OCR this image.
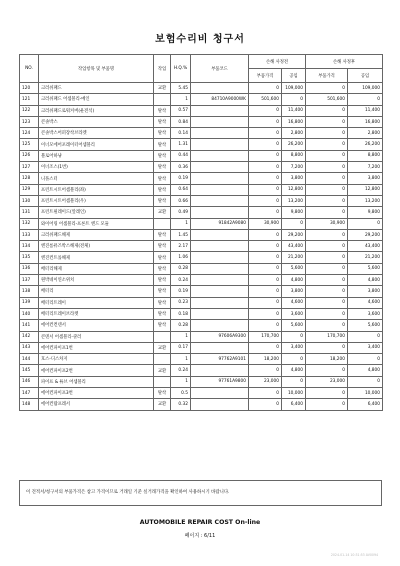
보험수리비 청구서
NO.	작업항목 및 부품명	작업	H.Q.%	부품코드	손해 사정전		손해 사정후	
					부품가격	공임	부품가격	공임
120	크러쉬패드	교환	5.45		0	109,000	0	109,000
121	크러쉬패드 어셈블리-메인		1	84710A9000WK	501,600	0	501,600	0
122	크러쉬패드로워커버(운전석)	탈착	0.57		0	11,400	0	11,400
123	콘솔박스	탈착	0.84		0	16,800	0	16,800
124	콘솔박스어퍼장착브라켓	탈착	0.14		0	2,800	0	2,800
125	이너모에어포레이터어셈블리	탈착	1.31		0	26,200	0	26,200
126	블로어하냥	탈착	0.44		0	8,800	0	8,800
127	이너조스(1번)	탈착	0.36		0	7,200	0	7,200
128	니플스터	탈착	0.19		0	3,800	0	3,800
129	프런트시트어셈블리(좌)	탈착	0.64		0	12,800	0	12,800
130	프런트시트어셈블리(우)	탈착	0.66		0	13,200	0	13,200
131	프런트필레이드(앞레인)	교환	0.49		0	9,800	0	9,800
132	와이어링 어셈블리-프론트 엔드 모듈		1	91842A9080	30,900	0	30,900	0
133	크러쉬패드해제	탈착	1.45		0	29,200	0	29,200
134	엔진룸퓨즈박스해제(전체)	탈착	2.17		0	43,400	0	43,400
135	엔진컨트롤해제	탈착	1.06		0	21,200	0	21,200
136	배터리해제	탈착	0.28		0	5,600	0	5,600
137	원박네이연소위치	탈착	0.24		0	4,800	0	4,800
138	배터리	탈착	0.19		0	3,800	0	3,800
139	배터리트레이	탈착	0.23		0	4,600	0	4,600
140	배터리트레이브라켓	탈착	0.18		0	3,600	0	3,600
141	에어컨컨덴서	탈착	0.28		0	5,600	0	5,600
142	콘덴서 어셈블리-쿨러		1	97606A9300	170,700	0	170,700	0
143	에어컨파이프1번	교환	0.17		0	3,400	0	3,400
144	호스-디스차지		1	97762A9101	18,200	0	18,200	0
145	에어컨파이프2번	교환	0.24		0	4,800	0	4,800
146	파이프 & 튜브 어셈블리		1	97761A9800	23,000	0	23,000	0
147	에어컨파이프3번	탈착	0.5		0	10,000	0	10,000
148	에어컨람프레서	교환	0.32		0	6,400	0	6,400
이 견적서/청구서의 부품가격은 참고 가격이므로 거래일 기준 실거래가격을 확인하여 사용하시기 바랍니다.
AUTOMOBILE REPAIR COST On-line
페이지 : 6/11
2024-01-14 10:31:53 AV0094
